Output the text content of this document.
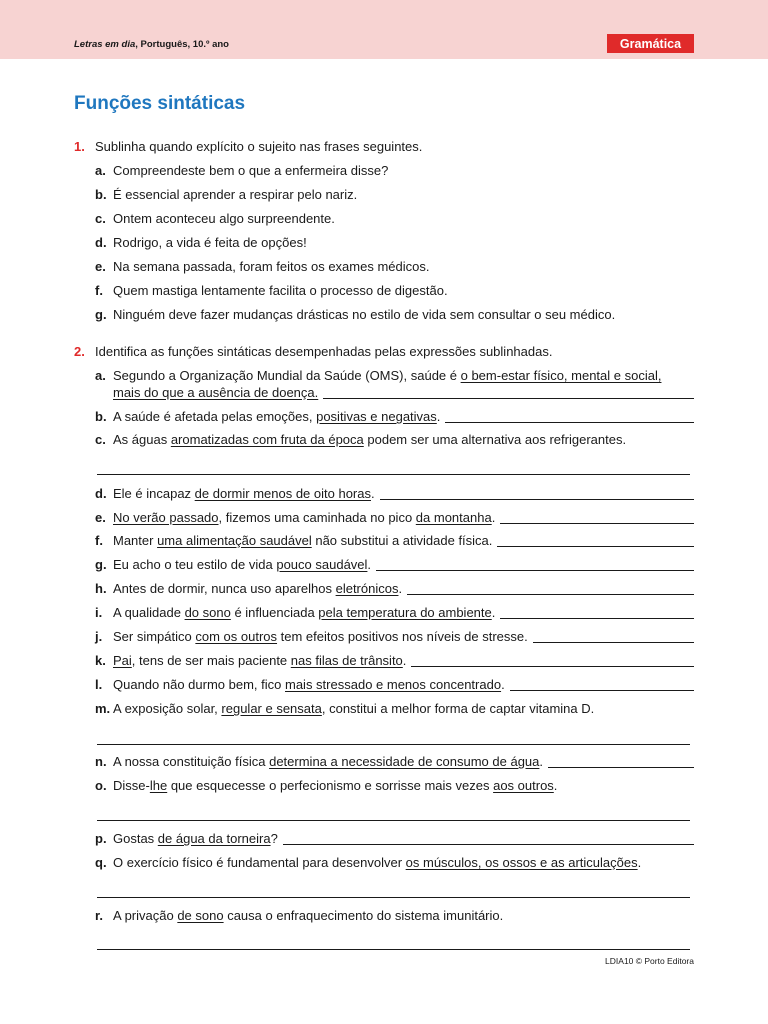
Letras em dia, Português, 10.º ano	Gramática
Funções sintáticas
1. Sublinha quando explícito o sujeito nas frases seguintes.
a. Compreendeste bem o que a enfermeira disse?
b. É essencial aprender a respirar pelo nariz.
c. Ontem aconteceu algo surpreendente.
d. Rodrigo, a vida é feita de opções!
e. Na semana passada, foram feitos os exames médicos.
f. Quem mastiga lentamente facilita o processo de digestão.
g. Ninguém deve fazer mudanças drásticas no estilo de vida sem consultar o seu médico.
2. Identifica as funções sintáticas desempenhadas pelas expressões sublinhadas.
a. Segundo a Organização Mundial da Saúde (OMS), saúde é o bem-estar físico, mental e social,
mais do que a ausência de doença.
b. A saúde é afetada pelas emoções, positivas e negativas.
c. As águas aromatizadas com fruta da época podem ser uma alternativa aos refrigerantes.
d. Ele é incapaz de dormir menos de oito horas.
e. No verão passado, fizemos uma caminhada no pico da montanha.
f. Manter uma alimentação saudável não substitui a atividade física.
g. Eu acho o teu estilo de vida pouco saudável.
h. Antes de dormir, nunca uso aparelhos eletrónicos.
i. A qualidade do sono é influenciada pela temperatura do ambiente.
j. Ser simpático com os outros tem efeitos positivos nos níveis de stresse.
k. Pai, tens de ser mais paciente nas filas de trânsito.
l. Quando não durmo bem, fico mais stressado e menos concentrado.
m. A exposição solar, regular e sensata, constitui a melhor forma de captar vitamina D.
n. A nossa constituição física determina a necessidade de consumo de água.
o. Disse-lhe que esquecesse o perfecionismo e sorrisse mais vezes aos outros.
p. Gostas de água da torneira?
q. O exercício físico é fundamental para desenvolver os músculos, os ossos e as articulações.
r. A privação de sono causa o enfraquecimento do sistema imunitário.
LDIA10 © Porto Editora
